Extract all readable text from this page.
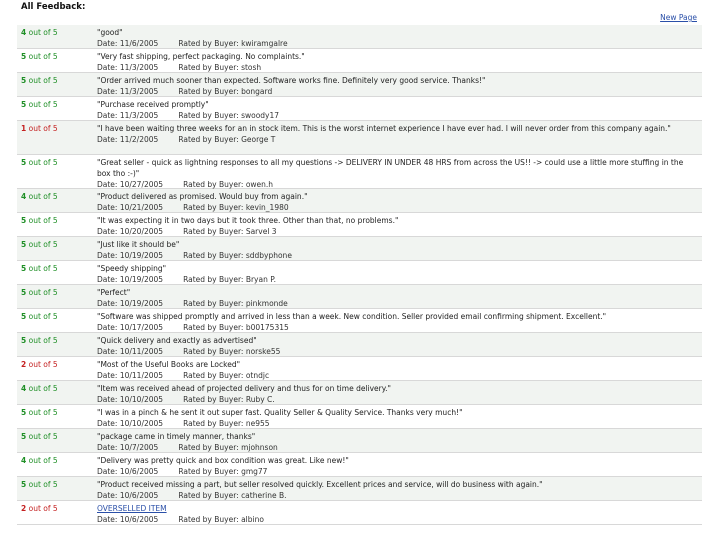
All Feedback:
New Page
4 out of 5	"good"
Date: 11/6/2005	Rated by Buyer: kwiramgalre
5 out of 5	"Very fast shipping, perfect packaging. No complaints."
Date: 11/3/2005	Rated by Buyer: stosh
5 out of 5	"Order arrived much sooner than expected. Software works fine. Definitely very good service. Thanks!"
Date: 11/3/2005	Rated by Buyer: bongard
5 out of 5	"Purchase received promptly"
Date: 11/3/2005	Rated by Buyer: swoody17
1 out of 5	"I have been waiting three weeks for an in stock item. This is the worst internet experience I have ever had. I will never order from this company again."
Date: 11/2/2005	Rated by Buyer: George T
5 out of 5	"Great seller - quick as lightning responses to all my questions -> DELIVERY IN UNDER 48 HRS from across the US!! -> could use a little more stuffing in the box tho :-)"
Date: 10/27/2005	Rated by Buyer: owen.h
4 out of 5	"Product delivered as promised. Would buy from again."
Date: 10/21/2005	Rated by Buyer: kevin_1980
5 out of 5	"It was expecting it in two days but it took three. Other than that, no problems."
Date: 10/20/2005	Rated by Buyer: Sarvel 3
5 out of 5	"Just like it should be"
Date: 10/19/2005	Rated by Buyer: sddbyphone
5 out of 5	"Speedy shipping"
Date: 10/19/2005	Rated by Buyer: Bryan P.
5 out of 5	"Perfect"
Date: 10/19/2005	Rated by Buyer: pinkmonde
5 out of 5	"Software was shipped promptly and arrived in less than a week. New condition. Seller provided email confirming shipment. Excellent."
Date: 10/17/2005	Rated by Buyer: b00175315
5 out of 5	"Quick delivery and exactly as advertised"
Date: 10/11/2005	Rated by Buyer: norske55
2 out of 5	"Most of the Useful Books are Locked"
Date: 10/11/2005	Rated by Buyer: otndjc
4 out of 5	"Item was received ahead of projected delivery and thus for on time delivery."
Date: 10/10/2005	Rated by Buyer: Ruby C.
5 out of 5	"I was in a pinch & he sent it out super fast. Quality Seller & Quality Service. Thanks very much!"
Date: 10/10/2005	Rated by Buyer: ne955
5 out of 5	"package came in timely manner, thanks"
Date: 10/7/2005	Rated by Buyer: mjohnson
4 out of 5	"Delivery was pretty quick and box condition was great. Like new!"
Date: 10/6/2005	Rated by Buyer: gmg77
5 out of 5	"Product received missing a part, but seller resolved quickly. Excellent prices and service, will do business with again."
Date: 10/6/2005	Rated by Buyer: catherine B.
2 out of 5	OVERSELLED ITEM
Date: 10/6/2005	Rated by Buyer: albino
